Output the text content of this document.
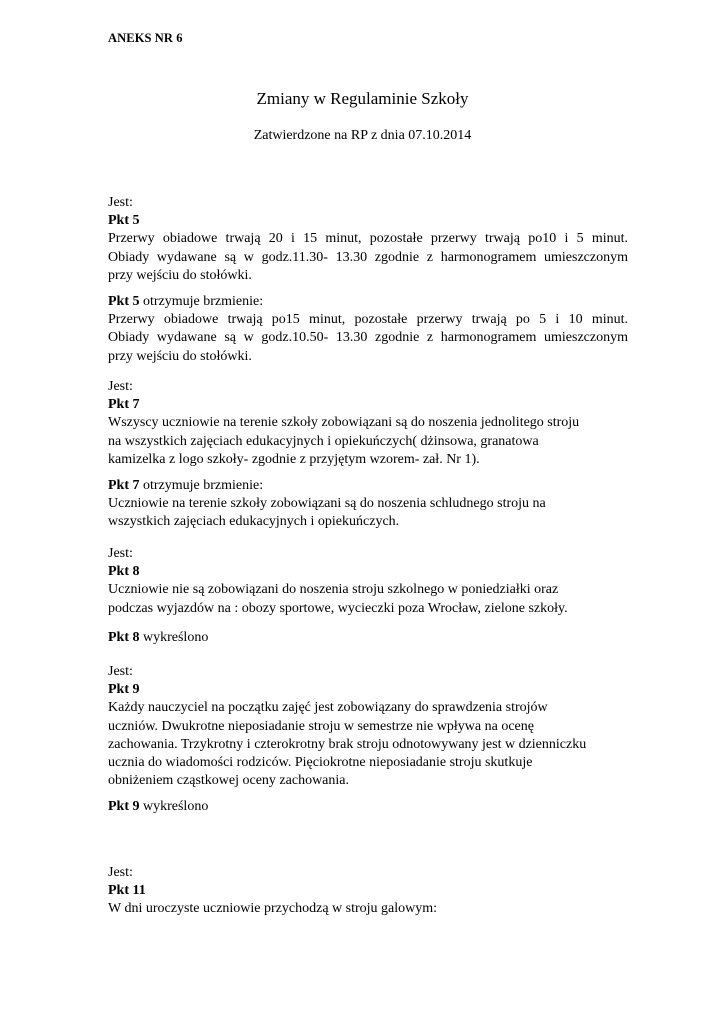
ANEKS NR 6
Zmiany w Regulaminie Szkoły
Zatwierdzone na RP z dnia 07.10.2014
Jest:
Pkt 5
Przerwy obiadowe trwają 20 i 15 minut, pozostałe przerwy trwają po10 i 5 minut.
Obiady wydawane są w godz.11.30- 13.30 zgodnie z harmonogramem umieszczonym
przy wejściu do stołówki.
Pkt 5 otrzymuje brzmienie:
Przerwy obiadowe trwają po15 minut, pozostałe przerwy trwają po 5 i 10 minut.
Obiady wydawane są w godz.10.50- 13.30 zgodnie z harmonogramem umieszczonym
przy wejściu do stołówki.
Jest:
Pkt 7
Wszyscy uczniowie na terenie szkoły zobowiązani są do noszenia jednolitego stroju
na wszystkich zajęciach edukacyjnych i opiekuńczych( dżinsowa, granatowa
kamizelka z logo szkoły- zgodnie z przyjętym wzorem- zał. Nr 1).
Pkt 7 otrzymuje brzmienie:
Uczniowie na terenie szkoły zobowiązani są do noszenia schludnego stroju na
wszystkich zajęciach edukacyjnych i opiekuńczych.
Jest:
Pkt 8
Uczniowie nie są zobowiązani do noszenia stroju szkolnego w poniedziałki oraz
podczas wyjazdów na : obozy sportowe, wycieczki poza Wrocław, zielone szkoły.
Pkt 8 wykreślono
Jest:
Pkt 9
Każdy nauczyciel na początku zajęć jest zobowiązany do sprawdzenia strojów
uczniów. Dwukrotne nieposiadanie stroju w semestrze nie wpływa na ocenę
zachowania. Trzykrotny i czterokrotny brak stroju odnotowywany jest w dzienniczku
ucznia do wiadomości rodziców. Pięciokrotne nieposiadanie stroju skutkuje
obniżeniem cząstkowej oceny zachowania.
Pkt 9 wykreślono
Jest:
Pkt 11
W dni uroczyste uczniowie przychodzą w stroju galowym:
